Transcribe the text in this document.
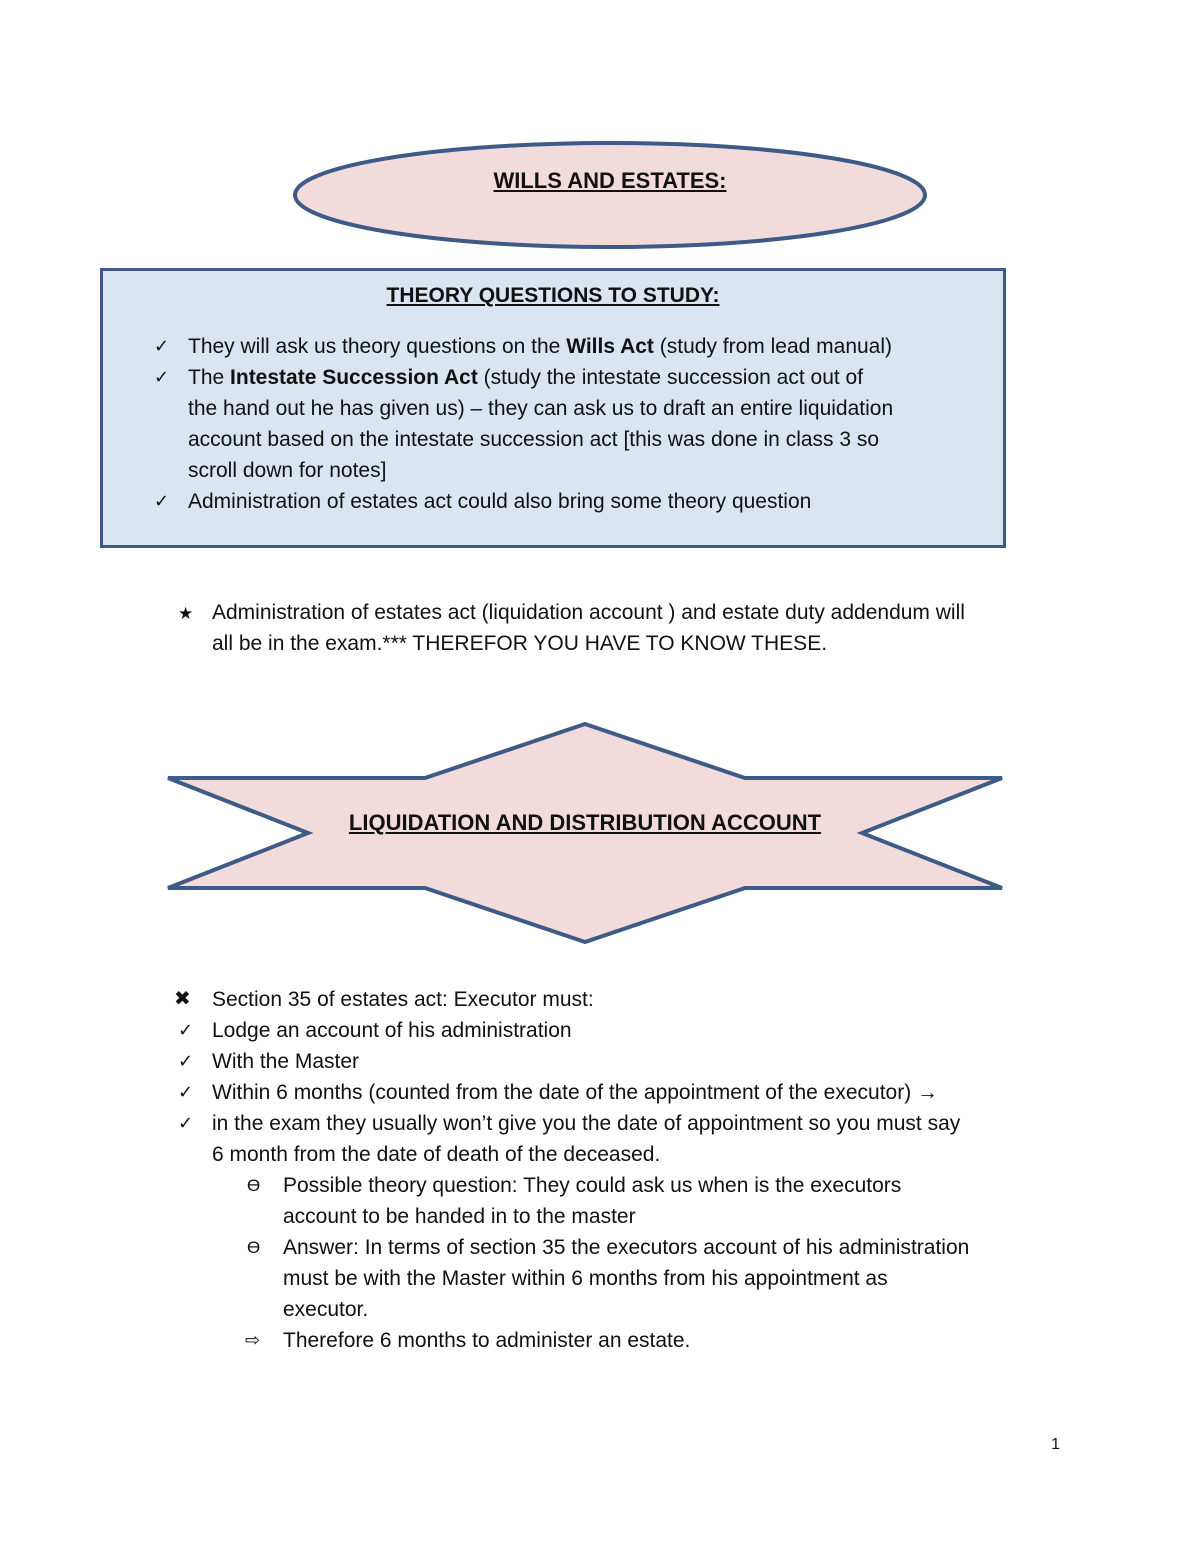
WILLS AND ESTATES:
THEORY QUESTIONS TO STUDY:
✓ They will ask us theory questions on the Wills Act (study from lead manual)
✓ The Intestate Succession Act (study the intestate succession act out of
the hand out he has given us) – they can ask us to draft an entire liquidation
account based on the intestate succession act [this was done in class 3 so
scroll down for notes]
✓ Administration of estates act could also bring some theory question
★ Administration of estates act (liquidation account ) and estate duty addendum will
all be in the exam.*** THEREFOR YOU HAVE TO KNOW THESE.
LIQUIDATION AND DISTRIBUTION ACCOUNT
✖ Section 35 of estates act: Executor must:
✓ Lodge an account of his administration
✓ With the Master
✓ Within 6 months (counted from the date of the appointment of the executor) →
✓ in the exam they usually won’t give you the date of appointment so you must say
6 month from the date of death of the deceased.
ϴ Possible theory question: They could ask us when is the executors
account to be handed in to the master
ϴ Answer: In terms of section 35 the executors account of his administration
must be with the Master within 6 months from his appointment as
executor.
⇨ Therefore 6 months to administer an estate.
1
